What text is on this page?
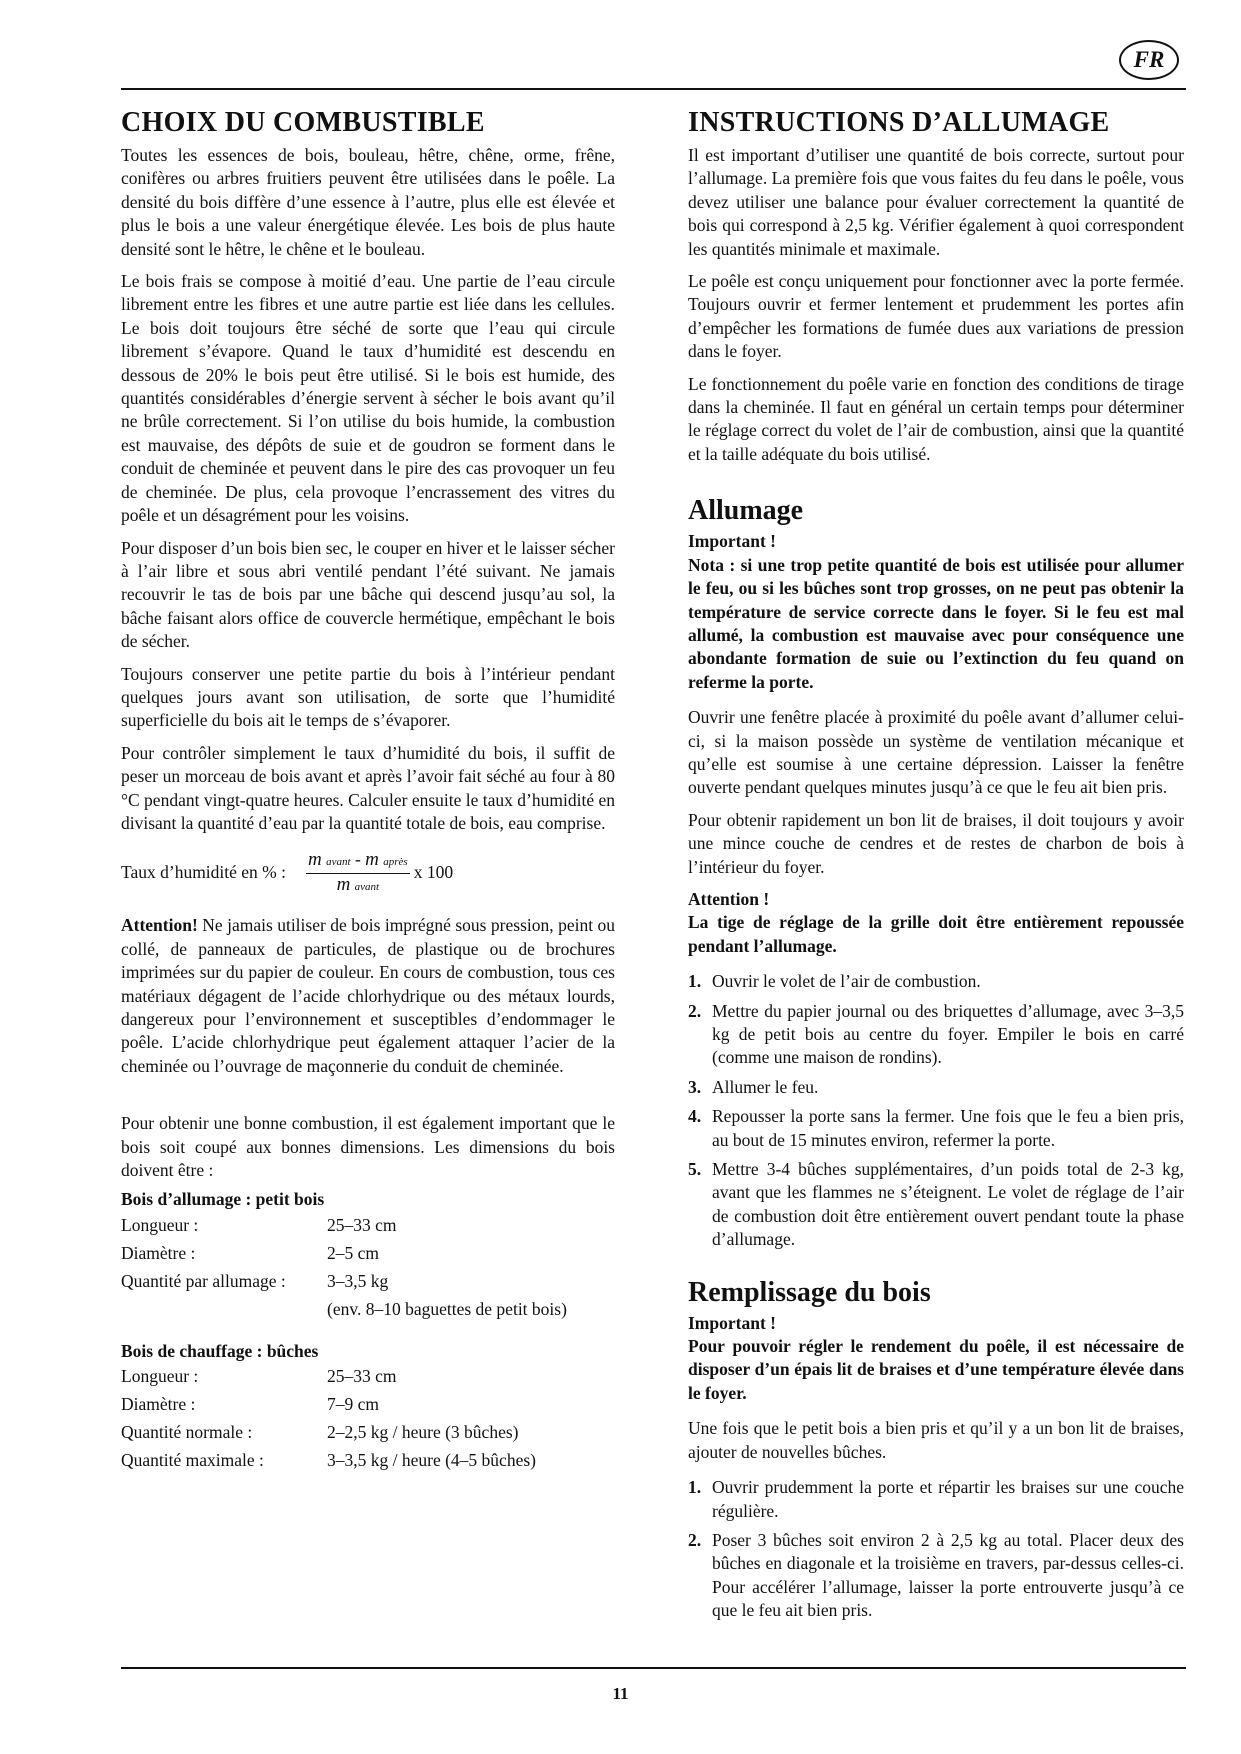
FR
CHOIX DU COMBUSTIBLE

Toutes les essences de bois, bouleau, hêtre, chêne, orme, frêne, conifères ou arbres fruitiers peuvent être utilisées dans le poêle. La densité du bois diffère d’une essence à l’autre, plus elle est élevée et plus le bois a une valeur énergétique élevée. Les bois de plus haute densité sont le hêtre, le chêne et le bouleau.

Le bois frais se compose à moitié d’eau. Une partie de l’eau circule librement entre les fibres et une autre partie est liée dans les cellules. Le bois doit toujours être séché de sorte que l’eau qui circule librement s’évapore. Quand le taux d’humidité est descendu en dessous de 20% le bois peut être utilisé. Si le bois est humide, des quantités considérables d’énergie servent à sécher le bois avant qu’il ne brûle correctement. Si l’on utilise du bois humide, la combustion est mauvaise, des dépôts de suie et de goudron se forment dans le conduit de cheminée et peuvent dans le pire des cas provoquer un feu de cheminée. De plus, cela provoque l’encrassement des vitres du poêle et un désagrément pour les voisins.

Pour disposer d’un bois bien sec, le couper en hiver et le laisser sécher à l’air libre et sous abri ventilé pendant l’été suivant. Ne jamais recouvrir le tas de bois par une bâche qui descend jusqu’au sol, la bâche faisant alors office de couvercle hermétique, empêchant le bois de sécher.

Toujours conserver une petite partie du bois à l’intérieur pendant quelques jours avant son utilisation, de sorte que l’humidité superficielle du bois ait le temps de s’évaporer.

Pour contrôler simplement le taux d’humidité du bois, il suffit de peser un morceau de bois avant et après l’avoir fait séché au four à 80 °C pendant vingt-quatre heures. Calculer ensuite le taux d’humidité en divisant la quantité d’eau par la quantité totale de bois, eau comprise.

Taux d’humidité en % : $\frac{\text{m avant - m après}}{\text{m avant}}$ x 100

Attention! Ne jamais utiliser de bois imprégné sous pression, peint ou collé, de panneaux de particules, de plastique ou de brochures imprimées sur du papier de couleur. En cours de combustion, tous ces matériaux dégagent de l’acide chlorhydrique ou des métaux lourds, dangereux pour l’environnement et susceptibles d’endommager le poêle. L’acide chlorhydrique peut également attaquer l’acier de la cheminée ou l’ouvrage de maçonnerie du conduit de cheminée.

Pour obtenir une bonne combustion, il est également important que le bois soit coupé aux bonnes dimensions. Les dimensions du bois doivent être :

Bois d’allumage : petit bois
Longueur :	25–33 cm
Diamètre :	2–5 cm
Quantité par allumage :	3–3,5 kg
	(env. 8–10 baguettes de petit bois)
Bois de chauffage : bûches
Longueur :	25–33 cm
Diamètre :	7–9 cm
Quantité normale :	2–2,5 kg / heure (3 bûches)
Quantité maximale :	3–3,5 kg / heure (4–5 bûches)
INSTRUCTIONS D’ALLUMAGE

Il est important d’utiliser une quantité de bois correcte, surtout pour l’allumage. La première fois que vous faites du feu dans le poêle, vous devez utiliser une balance pour évaluer correctement la quantité de bois qui correspond à 2,5 kg. Vérifier également à quoi correspondent les quantités minimale et maximale.

Le poêle est conçu uniquement pour fonctionner avec la porte fermée. Toujours ouvrir et fermer lentement et prudemment les portes afin d’empêcher les formations de fumée dues aux variations de pression dans le foyer.

Le fonctionnement du poêle varie en fonction des conditions de tirage dans la cheminée. Il faut en général un certain temps pour déterminer le réglage correct du volet de l’air de combustion, ainsi que la quantité et la taille adéquate du bois utilisé.

Allumage
Important !

Nota : si une trop petite quantité de bois est utilisée pour allumer le feu, ou si les bûches sont trop grosses, on ne peut pas obtenir la température de service correcte dans le foyer. Si le feu est mal allumé, la combustion est mauvaise avec pour conséquence une abondante formation de suie ou l’extinction du feu quand on referme la porte.

Ouvrir une fenêtre placée à proximité du poêle avant d’allumer celui-ci, si la maison possède un système de ventilation mécanique et qu’elle est soumise à une certaine dépression. Laisser la fenêtre ouverte pendant quelques minutes jusqu’à ce que le feu ait bien pris.

Pour obtenir rapidement un bon lit de braises, il doit toujours y avoir une mince couche de cendres et de restes de charbon de bois à l’intérieur du foyer.

Attention !

La tige de réglage de la grille doit être entièrement repoussée pendant l’allumage.

1. Ouvrir le volet de l’air de combustion.
2. Mettre du papier journal ou des briquettes d’allumage, avec 3–3,5 kg de petit bois au centre du foyer. Empiler le bois en carré (comme une maison de rondins).
3. Allumer le feu.
4. Repousser la porte sans la fermer. Une fois que le feu a bien pris, au bout de 15 minutes environ, refermer la porte.
5. Mettre 3-4 bûches supplémentaires, d’un poids total de 2-3 kg, avant que les flammes ne s’éteignent. Le volet de réglage de l’air de combustion doit être entièrement ouvert pendant toute la phase d’allumage.
Remplissage du bois
Important !

Pour pouvoir régler le rendement du poêle, il est nécessaire de disposer d’un épais lit de braises et d’une température élevée dans le foyer.

Une fois que le petit bois a bien pris et qu’il y a un bon lit de braises, ajouter de nouvelles bûches.

1. Ouvrir prudemment la porte et répartir les braises sur une couche régulière.
2. Poser 3 bûches soit environ 2 à 2,5 kg au total. Placer deux des bûches en diagonale et la troisième en travers, par-dessus celles-ci. Pour accélérer l’allumage, laisser la porte entrouverte jusqu’à ce que le feu ait bien pris.
11
